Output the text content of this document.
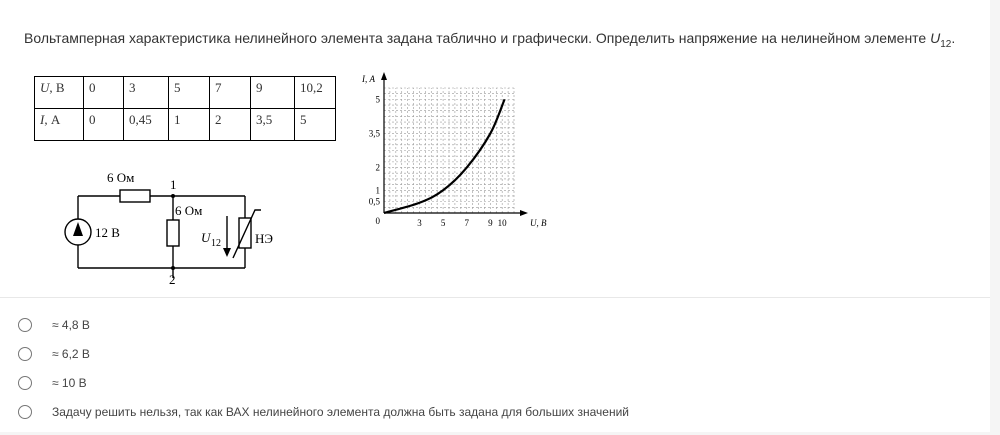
Вольтамперная характеристика нелинейного элемента задана таблично и графически. Определить напряжение на нелинейном элементе $U_{12}$.
U, В	0	3	5	7	9	10,2
I, А	0	0,45	1	2	3,5	5
6 Ом	1
6 Ом
12 В	U 12	НЭ
2
3 5 7 9 10
0,5
1
2
3,5
5
0	U, В
I, А
≈ 4,8 В
≈ 6,2 В
≈ 10 В
Задачу решить нельзя, так как ВАХ нелинейного элемента должна быть задана для больших значений
